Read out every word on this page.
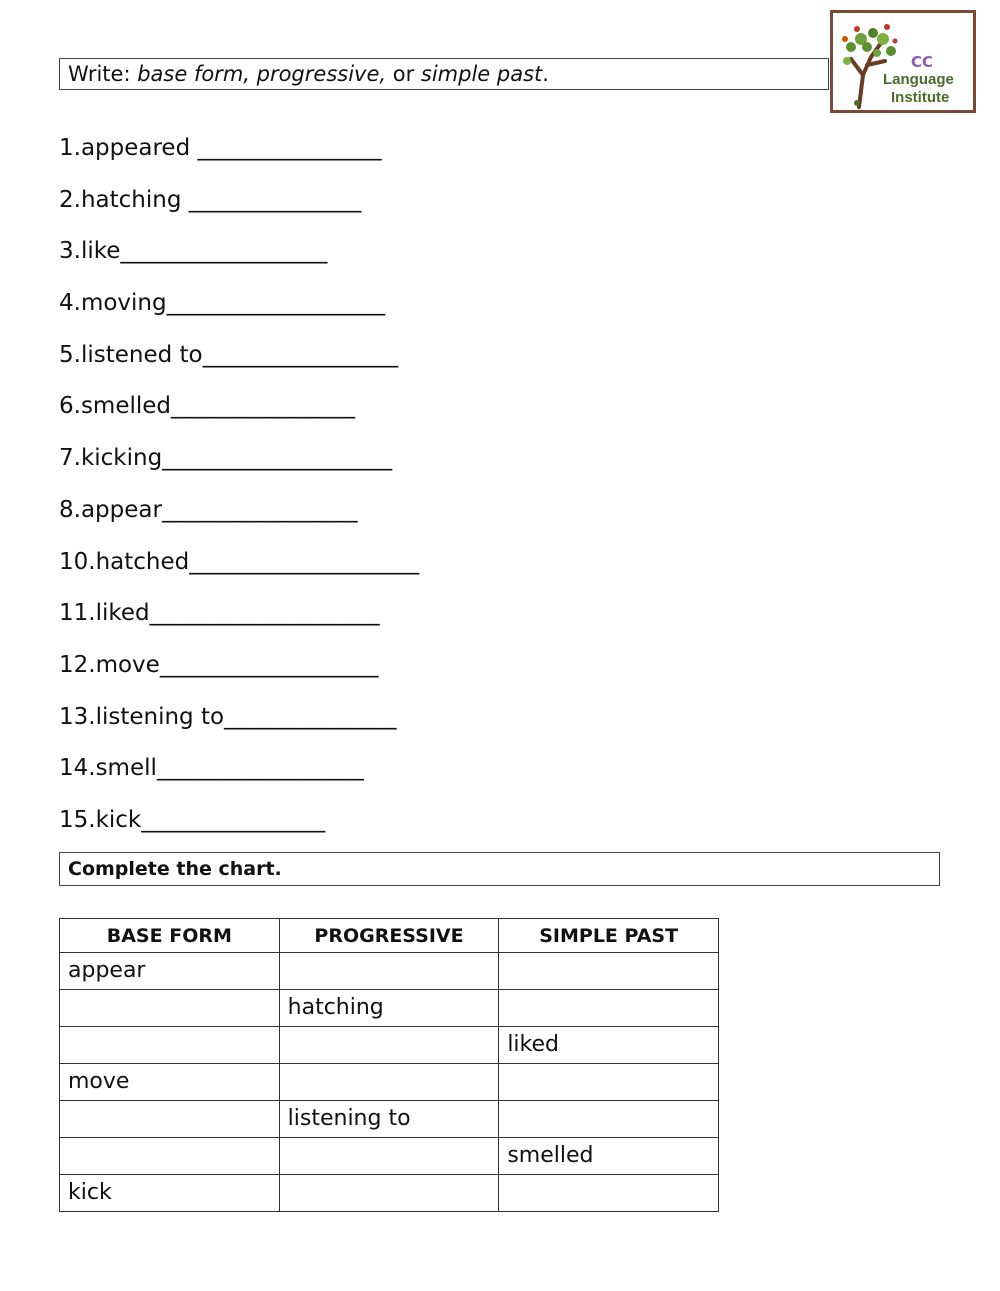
Write: base form, progressive, or simple past.	CC
Language
Institute
1.appeared ________________
2.hatching _______________
3.like__________________
4.moving___________________
5.listened to_________________
6.smelled________________
7.kicking____________________
8.appear_________________
10.hatched____________________
11.liked____________________
12.move___________________
13.listening to_______________
14.smell__________________
15.kick________________
Complete the chart.
BASE FORM	PROGRESSIVE	SIMPLE PAST
appear		
	hatching	
		liked
move		
	listening to	
		smelled
kick		
